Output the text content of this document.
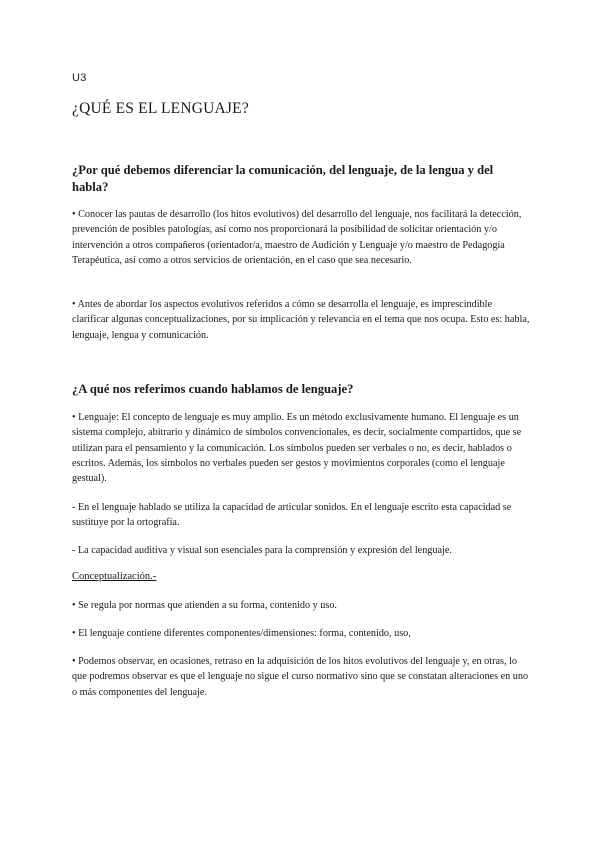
U3
¿QUÉ ES EL LENGUAJE?
¿Por qué debemos diferenciar la comunicación, del lenguaje, de la lengua y del habla?

• Conocer las pautas de desarrollo (los hitos evolutivos) del desarrollo del lenguaje, nos facilitará la detección, prevención de posibles patologías, así como nos proporcionará la posibilidad de solicitar orientación y/o intervención a otros compañeros (orientador/a, maestro de Audición y Lenguaje y/o maestro de Pedagogía Terapéutica, así como a otros servicios de orientación, en el caso que sea necesario.

• Antes de abordar los aspectos evolutivos referidos a cómo se desarrolla el lenguaje, es imprescindible clarificar algunas conceptualizaciones, por su implicación y relevancia en el tema que nos ocupa. Esto es: habla, lenguaje, lengua y comunicación.

¿A qué nos referimos cuando hablamos de lenguaje?

• Lenguaje: El concepto de lenguaje es muy amplio. Es un método exclusivamente humano. El lenguaje es un sistema complejo, abitrario y dinámico de símbolos convencionales, es decir, socialmente compartidos, que se utilizan para el pensamiento y la comunicación. Los símbolos pueden ser verbales o no, es decir, hablados o escritos. Además, los símbolos no verbales pueden ser gestos y movimientos corporales (como el lenguaje gestual).

- En el lenguaje hablado se utiliza la capacidad de articular sonidos. En el lenguaje escrito esta capacidad se sustituye por la ortografía.

- La capacidad auditiva y visual son esenciales para la comprensión y expresión del lenguaje.

Conceptualización.-

• Se regula por normas que atienden a su forma, contenido y uso.

• El lenguaje contiene diferentes componentes/dimensiones: forma, contenido, uso,

• Podemos observar, en ocasiones, retraso en la adquisición de los hitos evolutivos del lenguaje y, en otras, lo que podremos observar es que el lenguaje no sigue el curso normativo sino que se constatan alteraciones en uno o más componentes del lenguaje.
